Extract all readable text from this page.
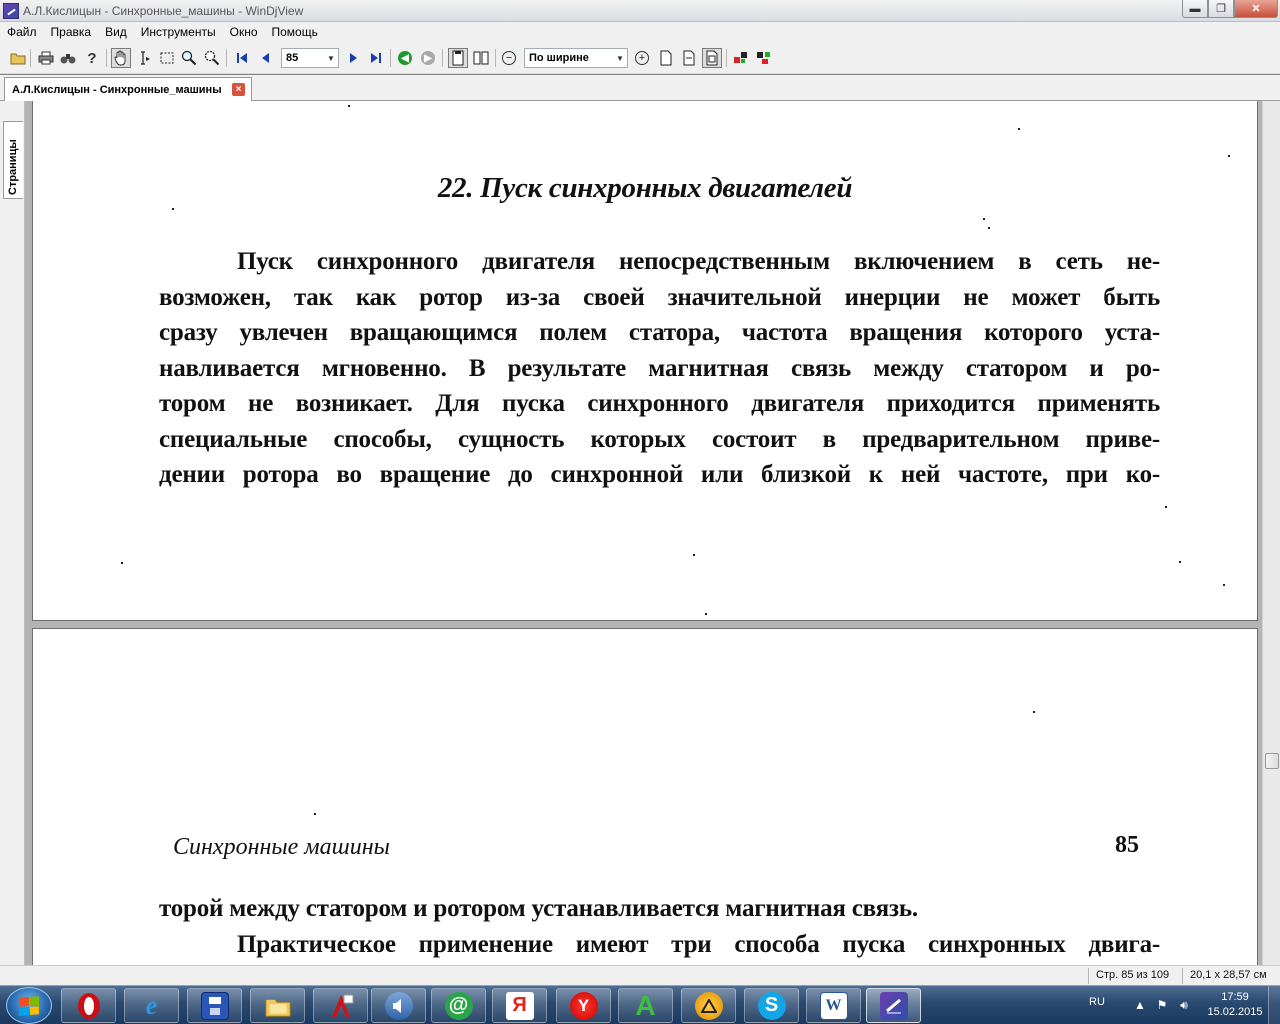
А.Л.Кислицын - Синхронные_машины - WinDjView	▬	❐	✕
Файл	Правка	Вид	Инструменты	Окно	Помощь
?	85	▼	◀	▶	−	По ширине	▼	+
А.Л.Кислицын - Синхронные_машины	×
Страницы	22. Пуск синхронных двигателей
Пуск синхронного двигателя непосредственным включением в сеть не-
возможен, так как ротор из-за своей значительной инерции не может быть
сразу увлечен вращающимся полем статора, частота вращения которого уста-
навливается мгновенно. В результате магнитная связь между статором и ро-
тором не возникает. Для пуска синхронного двигателя приходится применять
специальные способы, сущность которых состоит в предварительном приве-
дении ротора во вращение до синхронной или близкой к ней частоте, при ко-
Синхронные машины	85
торой между статором и ротором устанавливается магнитная связь.
Практическое применение имеют три способа пуска синхронных двига-
Стр. 85 из 109 20,1 x 28,57 см
e	@	Я	Y A	S	W	RU ▲ ⚑	🔊︎
17:59
15.02.2015
